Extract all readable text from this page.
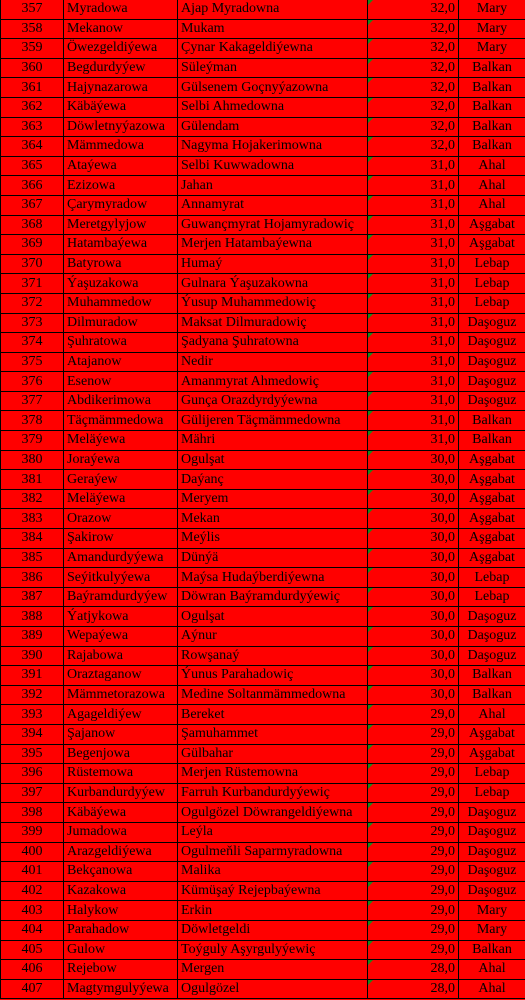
357	Myradowa	Ajap Myradowna	32,0	Mary
358	Mekanow	Mukam	32,0	Mary
359	Öwezgeldiýewa	Çynar Kakageldiýewna	32,0	Mary
360	Begdurdyýew	Süleýman	32,0	Balkan
361	Hajynazarowa	Gülsenem Goçnyýazowna	32,0	Balkan
362	Käbäýewa	Selbi Ahmedowna	32,0	Balkan
363	Döwletnyýazowa	Gülendam	32,0	Balkan
364	Mämmedowa	Nagyma Hojakerimowna	32,0	Balkan
365	Ataýewa	Selbi Kuwwadowna	31,0	Ahal
366	Ezizowa	Jahan	31,0	Ahal
367	Çarymyradow	Annamyrat	31,0	Ahal
368	Meretgylyjow	Guwançmyrat Hojamyradowiç	31,0	Aşgabat
369	Hatambaýewa	Merjen Hatambaýewna	31,0	Aşgabat
370	Batyrowa	Humaý	31,0	Lebap
371	Ýaşuzakowa	Gulnara Ýaşuzakowna	31,0	Lebap
372	Muhammedow	Ýusup Muhammedowiç	31,0	Lebap
373	Dilmuradow	Maksat Dilmuradowiç	31,0	Daşoguz
374	Şuhratowa	Şadyana Şuhratowna	31,0	Daşoguz
375	Atajanow	Nedir	31,0	Daşoguz
376	Esenow	Amanmyrat Ahmedowiç	31,0	Daşoguz
377	Abdikerimowa	Gunça Orazdyrdyýewna	31,0	Daşoguz
378	Täçmämmedowa	Gülijeren Täçmämmedowna	31,0	Balkan
379	Meläýewa	Mähri	31,0	Balkan
380	Joraýewa	Ogulşat	30,0	Aşgabat
381	Geraýew	Daýanç	30,0	Aşgabat
382	Meläýewa	Meryem	30,0	Aşgabat
383	Orazow	Mekan	30,0	Aşgabat
384	Şakirow	Meýlis	30,0	Aşgabat
385	Amandurdyýewa	Dünýä	30,0	Aşgabat
386	Seýitkulyýewa	Maýsa Hudaýberdiýewna	30,0	Lebap
387	Baýramdurdyýew	Döwran Baýramdurdyýewiç	30,0	Lebap
388	Ýatjykowa	Ogulşat	30,0	Daşoguz
389	Wepaýewa	Aýnur	30,0	Daşoguz
390	Rajabowa	Rowşanaý	30,0	Daşoguz
391	Oraztaganow	Ýunus Parahadowiç	30,0	Balkan
392	Mämmetorazowa	Medine Soltanmämmedowna	30,0	Balkan
393	Agageldiýew	Bereket	29,0	Ahal
394	Şajanow	Şamuhammet	29,0	Aşgabat
395	Begenjowa	Gülbahar	29,0	Aşgabat
396	Rüstemowa	Merjen Rüstemowna	29,0	Lebap
397	Kurbandurdyýew	Farruh Kurbandurdyýewiç	29,0	Lebap
398	Käbäýewa	Ogulgözel Döwrangeldiýewna	29,0	Daşoguz
399	Jumadowa	Leýla	29,0	Daşoguz
400	Arazgeldiýewa	Ogulmeňli Saparmyradowna	29,0	Daşoguz
401	Bekçanowa	Malika	29,0	Daşoguz
402	Kazakowa	Kümüşaý Rejepbaýewna	29,0	Daşoguz
403	Halykow	Erkin	29,0	Mary
404	Parahadow	Döwletgeldi	29,0	Mary
405	Gulow	Toýguly Aşyrgulyýewiç	29,0	Balkan
406	Rejebow	Mergen	28,0	Ahal
407	Magtymgulyýewa	Ogulgözel	28,0	Ahal
